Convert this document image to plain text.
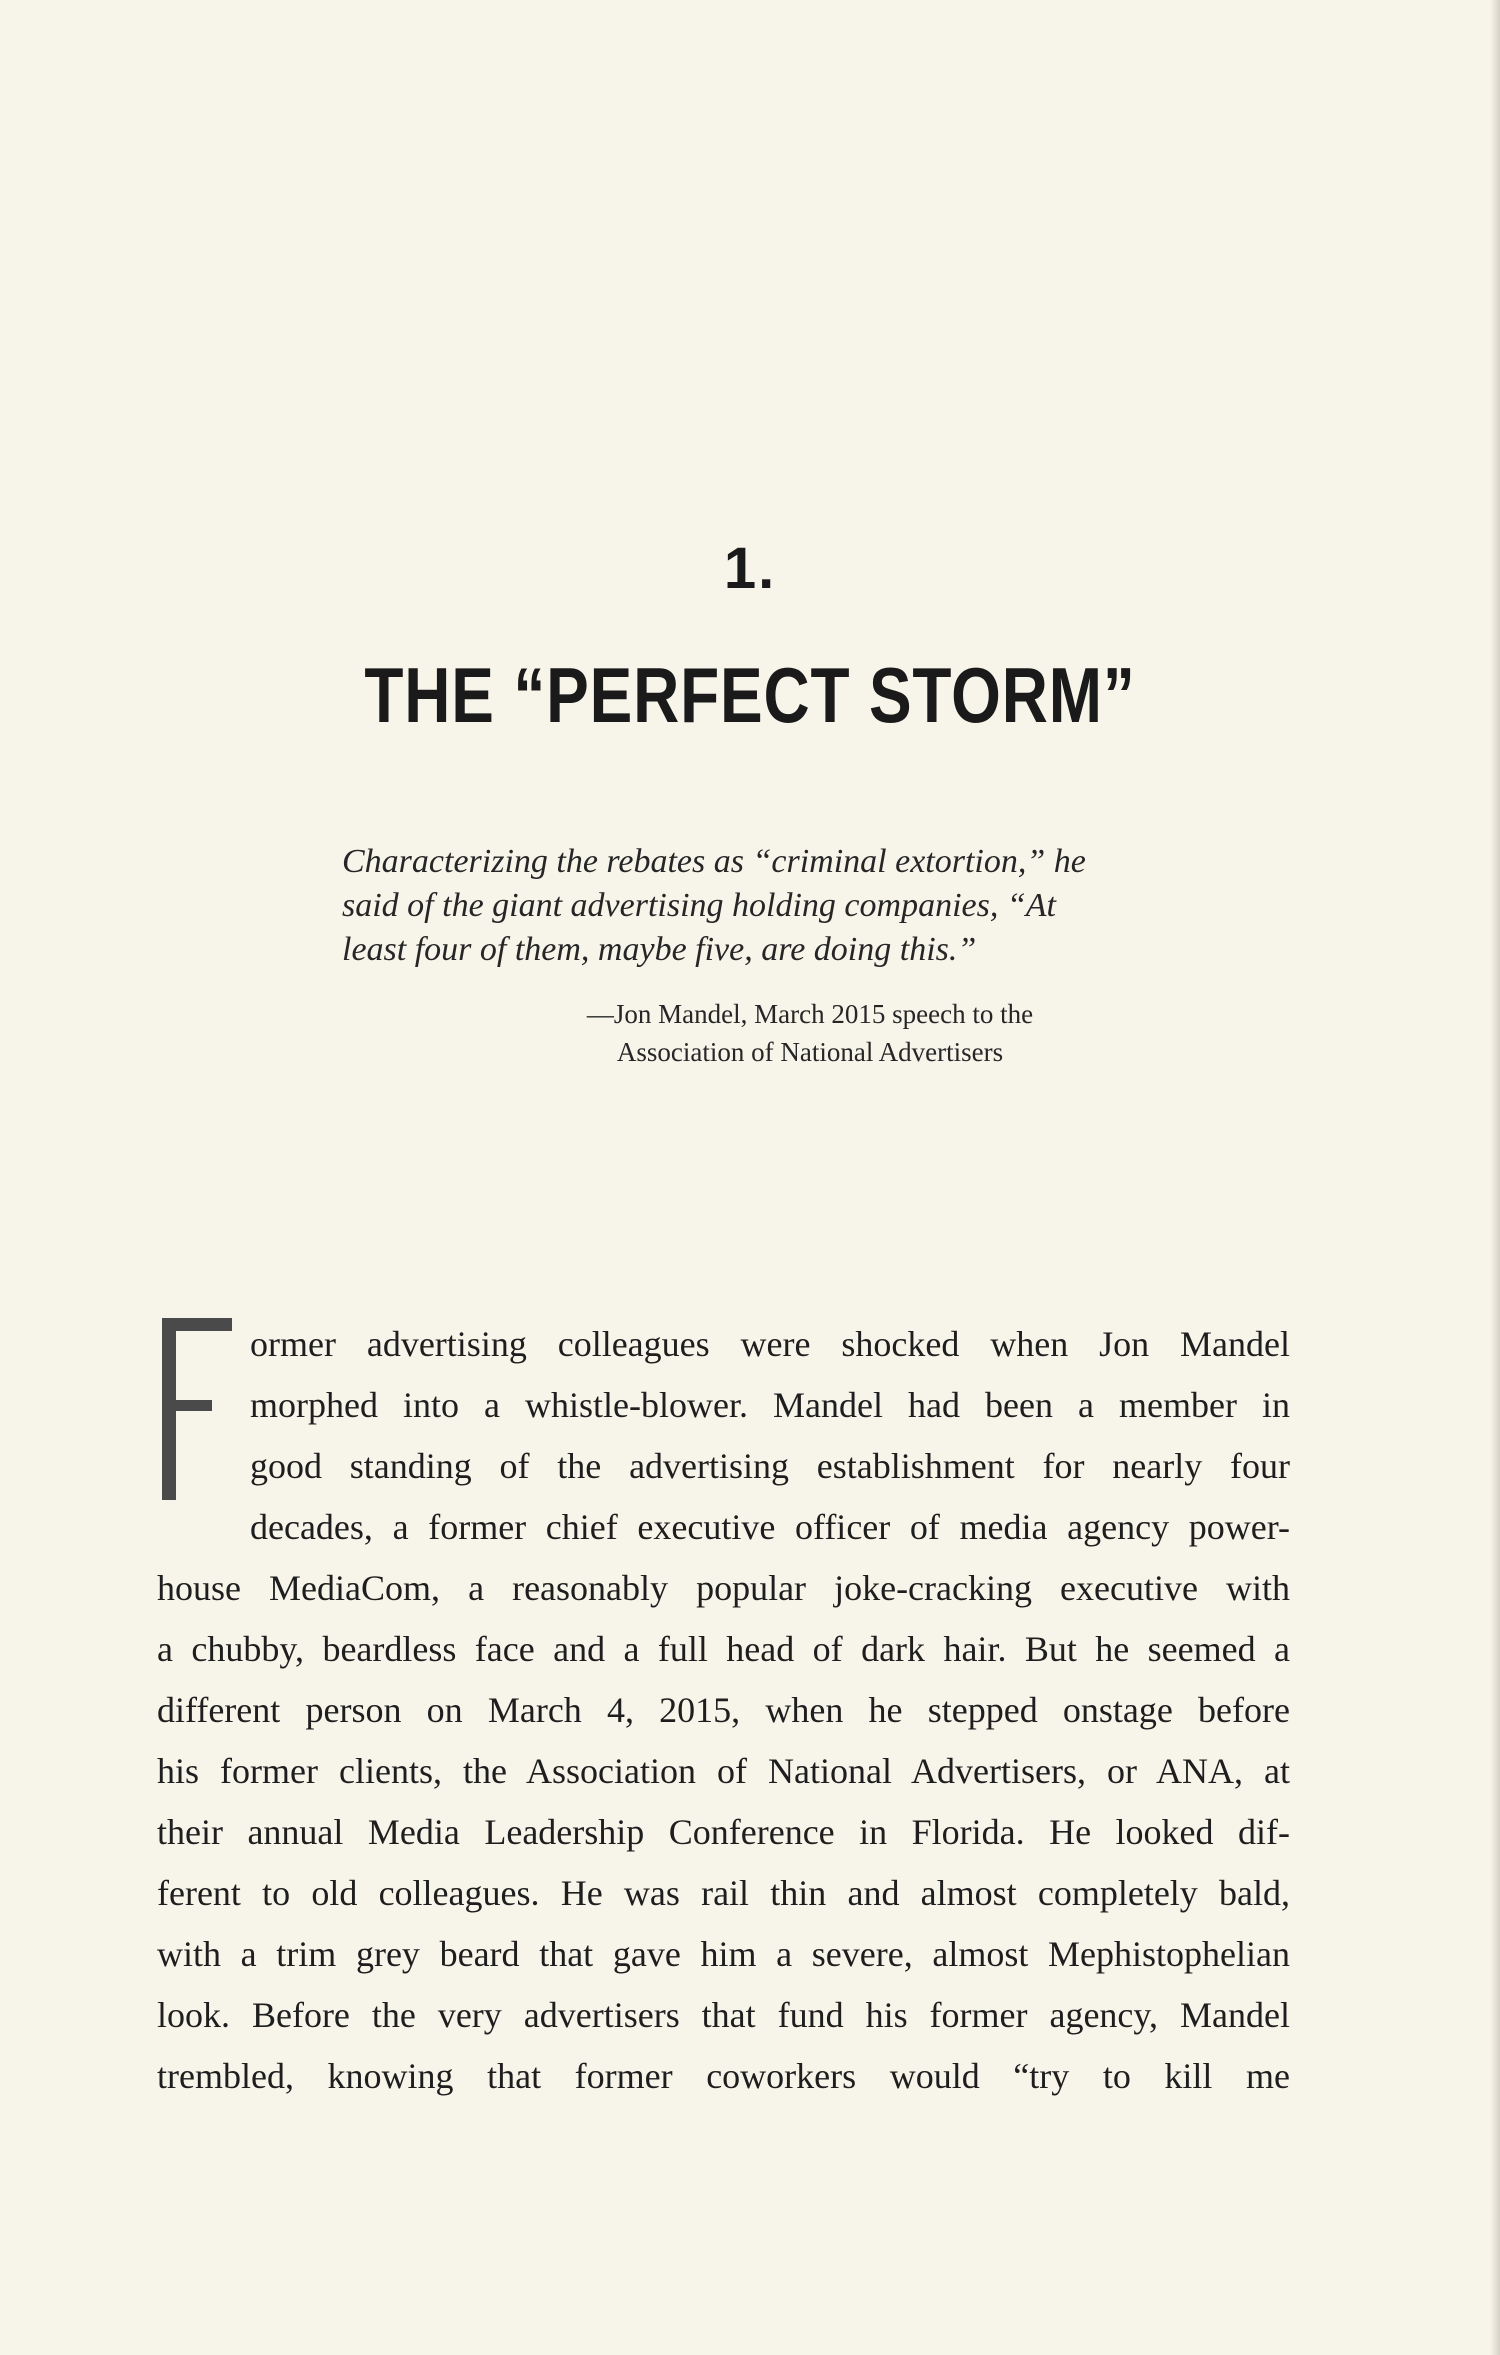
1.
THE “PERFECT STORM”
Characterizing the rebates as “criminal extortion,” he
said of the giant advertising holding companies, “At
least four of them, maybe five, are doing this.”
—Jon Mandel, March 2015 speech to the
Association of National Advertisers
ormer advertising colleagues were shocked when Jon Mandel
morphed into a whistle-blower. Mandel had been a member in
good standing of the advertising establishment for nearly four
decades, a former chief executive officer of media agency power-
house MediaCom, a reasonably popular joke-cracking executive with
a chubby, beardless face and a full head of dark hair. But he seemed a
different person on March 4, 2015, when he stepped onstage before
his former clients, the Association of National Advertisers, or ANA, at
their annual Media Leadership Conference in Florida. He looked dif-
ferent to old colleagues. He was rail thin and almost completely bald,
with a trim grey beard that gave him a severe, almost Mephistophelian
look. Before the very advertisers that fund his former agency, Mandel
trembled, knowing that former coworkers would “try to kill me
